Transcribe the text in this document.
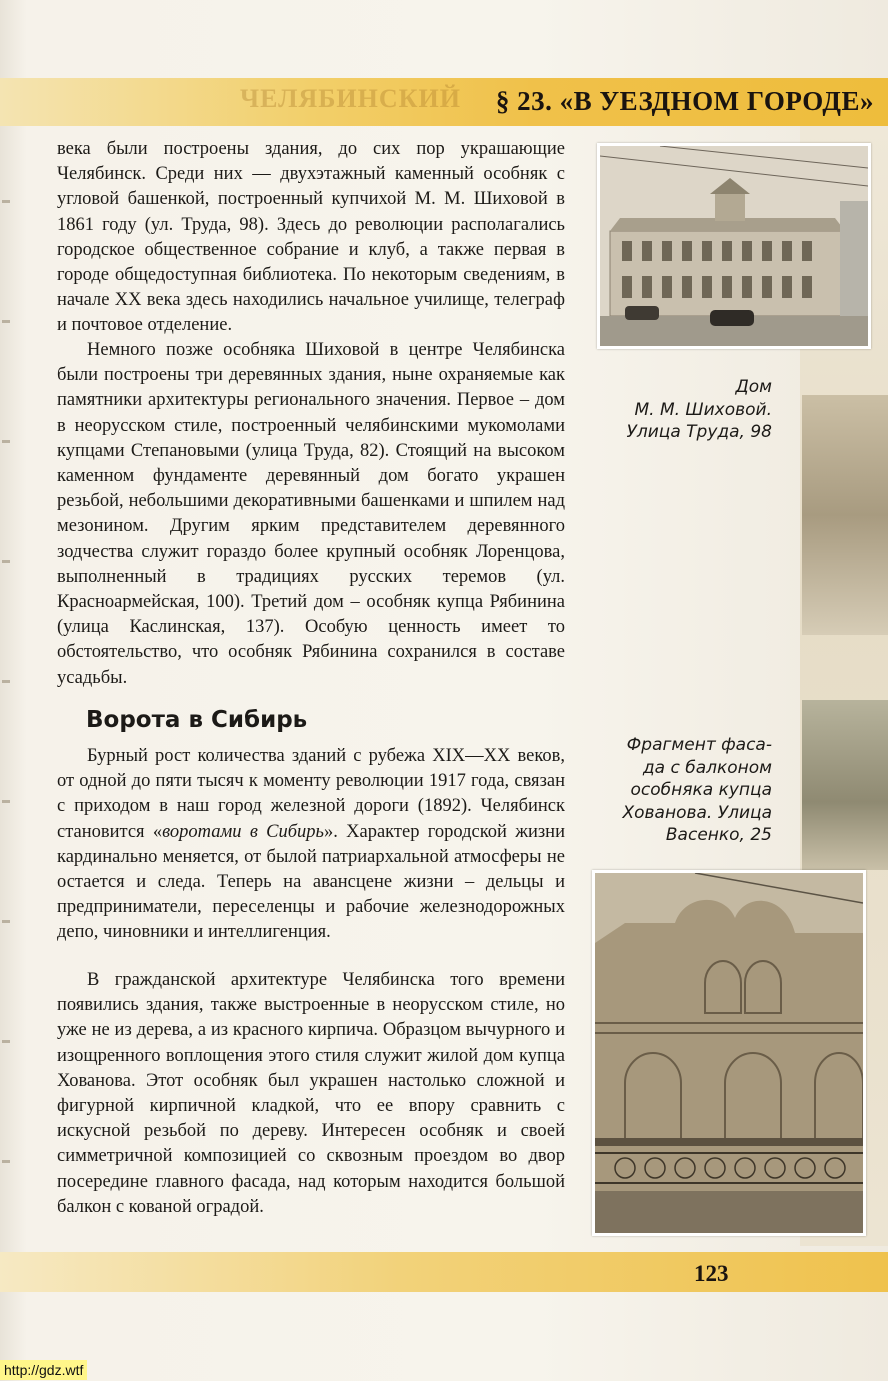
ЧЕЛЯБИНСКИЙ § 23. «В УЕЗДНОМ ГОРОДЕ»

века были построены здания, до сих пор украшающие Челябинск. Среди них — двухэтажный каменный особняк с угловой башенкой, построенный купчихой М. М. Шиховой в 1861 году (ул. Труда, 98). Здесь до революции располагались городское общественное собрание и клуб, а также первая в городе общедоступная библиотека. По некоторым сведениям, в начале ХХ века здесь находились начальное училище, телеграф и почтовое отделение.

Немного позже особняка Шиховой в центре Челябинска были построены три деревянных здания, ныне охраняемые как памятники архитектуры регионального значения. Первое – дом в неорусском стиле, построенный челябинскими мукомолами купцами Степановыми (улица Труда, 82). Стоящий на высоком каменном фундаменте деревянный дом богато украшен резьбой, небольшими декоративными башенками и шпилем над мезонином. Другим ярким представителем деревянного зодчества служит гораздо более крупный особняк Лоренцова, выполненный в традициях русских теремов (ул. Красноармейская, 100). Третий дом – особняк купца Рябинина (улица Каслинская, 137). Особую ценность имеет то обстоятельство, что особняк Рябинина сохранился в составе усадьбы.

Ворота в Сибирь

Бурный рост количества зданий с рубежа XIX—XX веков, от одной до пяти тысяч к моменту революции 1917 года, связан с приходом в наш город железной дороги (1892). Челябинск становится «воротами в Сибирь». Характер городской жизни кардинально меняется, от былой патриархальной атмосферы не остается и следа. Теперь на авансцене жизни – дельцы и предприниматели, переселенцы и рабочие железнодорожных депо, чиновники и интеллигенция.

В гражданской архитектуре Челябинска того времени появились здания, также выстроенные в неорусском стиле, но уже не из дерева, а из красного кирпича. Образцом вычурного и изощренного воплощения этого стиля служит жилой дом купца Хованова. Этот особняк был украшен настолько сложной и фигурной кирпичной кладкой, что ее впору сравнить с искусной резьбой по дереву. Интересен особняк и своей симметричной композицией со сквозным проездом во двор посередине главного фасада, над которым находится большой балкон с кованой оградой.

Дом
М. М. Шиховой.
Улица Труда, 98
Фрагмент фаса-
да с балконом
особняка купца
Хованова. Улица
Васенко, 25
123
http://gdz.wtf
